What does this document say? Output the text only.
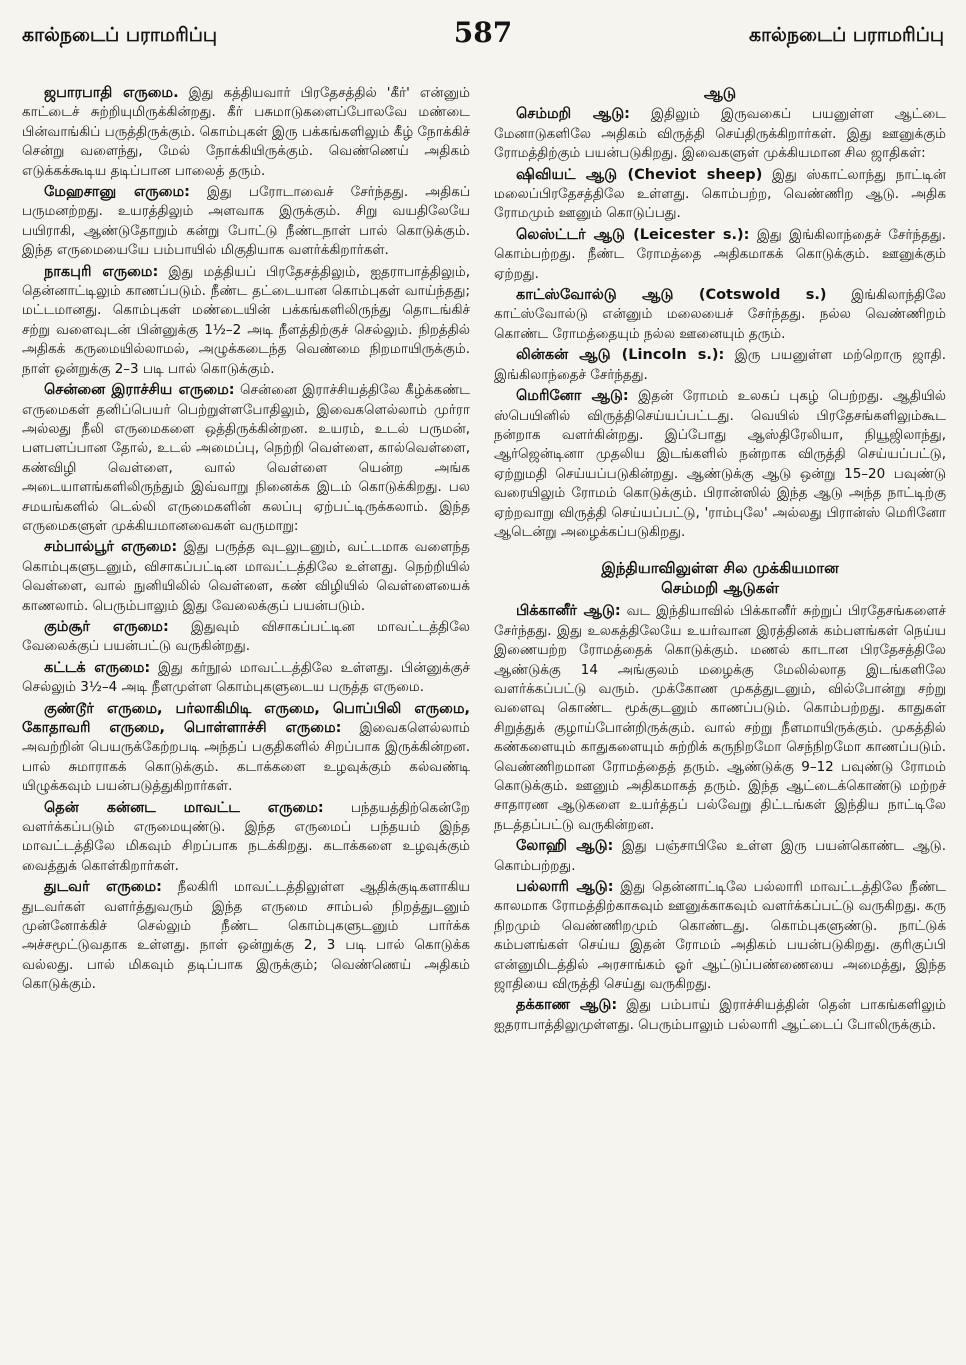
கால்நடைப் பராமரிப்பு	587	கால்நடைப் பராமரிப்பு

ஜபாரபாதி எருமை. இது கத்தியவார் பிரதேசத்தில் 'கீர்' என்னும் காட்டைச் சுற்றியுமிருக்கின்றது. கீர் பசுமாடுகளைப்போலவே மண்டை பின்வாங்கிப் பருத்திருக்கும். கொம்புகள் இரு பக்கங்களிலும் கீழ் நோக்கிச் சென்று வளைந்து, மேல் நோக்கியிருக்கும். வெண்ணெய் அதிகம் எடுக்கக்கூடிய தடிப்பான பாலைத் தரும்.

மேஹசானு எருமை: இது பரோடாவைச் சேர்ந்தது. அதிகப் பருமனற்றது. உயரத்திலும் அளவாக இருக்கும். சிறு வயதிலேயே பயிராகி, ஆண்டுதோறும் கன்று போட்டு நீண்டநாள் பால் கொடுக்கும். இந்த எருமையையே பம்பாயில் மிகுதியாக வளர்க்கிறார்கள்.

நாகபுரி எருமை: இது மத்தியப் பிரதேசத்திலும், ஐதராபாத்திலும், தென்னாட்டிலும் காணப்படும். நீண்ட தட்டையான கொம்புகள் வாய்ந்தது; மட்டமானது. கொம்புகள் மண்டையின் பக்கங்களிலிருந்து தொடங்கிச் சற்று வளைவுடன் பின்னுக்கு 1½–2 அடி நீளத்திற்குச் செல்லும். நிறத்தில் அதிகக் கருமையில்லாமல், அழுக்கடைந்த வெண்மை நிறமாயிருக்கும். நாள் ஒன்றுக்கு 2–3 படி பால் கொடுக்கும்.

சென்னை இராச்சிய எருமை: சென்னை இராச்சியத்திலே கீழ்க்கண்ட எருமைகள் தனிப்பெயர் பெற்றுள்ளபோதிலும், இவைகளெல்லாம் முர்ரா அல்லது நீலி எருமைகளை ஒத்திருக்கின்றன. உயரம், உடல் பருமன், பளபளப்பான தோல், உடல் அமைப்பு, நெற்றி வெள்ளை, கால்வெள்ளை, கண்விழி வெள்ளை, வால் வெள்ளை யென்ற அங்க அடையாளங்களிலிருந்தும் இவ்வாறு நினைக்க இடம் கொடுக்கிறது. பல சமயங்களில் டெல்லி எருமைகளின் கலப்பு ஏற்பட்டிருக்கலாம். இந்த எருமைகளுள் முக்கியமானவைகள் வருமாறு:

சம்பால்பூர் எருமை: இது பருத்த வுடலுடனும், வட்டமாக வளைந்த கொம்புகளுடனும், விசாகப்பட்டின மாவட்டத்திலே உள்ளது. நெற்றியில் வெள்ளை, வால் நுனியிலில் வெள்ளை, கண் விழியில் வெள்ளையைக் காணலாம். பெரும்பாலும் இது வேலைக்குப் பயன்படும்.

கும்சூர் எருமை: இதுவும் விசாகப்பட்டின மாவட்டத்திலே வேலைக்குப் பயன்பட்டு வருகின்றது.

கட்டக் எருமை: இது கர்நூல் மாவட்டத்திலே உள்ளது. பின்னுக்குச் செல்லும் 3½–4 அடி நீளமுள்ள கொம்புகளுடைய பருத்த எருமை.

குண்டூர் எருமை, பர்லாகிமிடி எருமை, பொப்பிலி எருமை, கோதாவரி எருமை, பொள்ளாச்சி எருமை: இவைகளெல்லாம் அவற்றின் பெயருக்கேற்றபடி அந்தப் பகுதிகளில் சிறப்பாக இருக்கின்றன. பால் சுமாராகக் கொடுக்கும். கடாக்களை உழவுக்கும் கல்வண்டி யிழுக்கவும் பயன்படுத்துகிறார்கள்.

தென் கன்னட மாவட்ட எருமை: பந்தயத்திற்கென்றே வளர்க்கப்படும் எருமையுண்டு. இந்த எருமைப் பந்தயம் இந்த மாவட்டத்திலே மிகவும் சிறப்பாக நடக்கிறது. கடாக்களை உழவுக்கும் வைத்துக் கொள்கிறார்கள்.

துடவர் எருமை: நீலகிரி மாவட்டத்திலுள்ள ஆதிக்குடிகளாகிய துடவர்கள் வளர்த்துவரும் இந்த எருமை சாம்பல் நிறத்துடனும் முன்னோக்கிச் செல்லும் நீண்ட கொம்புகளுடனும் பார்க்க அச்சமூட்டுவதாக உள்ளது. நாள் ஒன்றுக்கு 2, 3 படி பால் கொடுக்க வல்லது. பால் மிகவும் தடிப்பாக இருக்கும்; வெண்ணெய் அதிகம் கொடுக்கும்.

ஆடு

செம்மறி ஆடு: இதிலும் இருவகைப் பயனுள்ள ஆட்டை மேனாடுகளிலே அதிகம் விருத்தி செய்திருக்கிறார்கள். இது ஊனுக்கும் ரோமத்திற்கும் பயன்படுகிறது. இவைகளுள் முக்கியமான சில ஜாதிகள்:

ஷிவியட் ஆடு (Cheviot sheep) இது ஸ்காட்லாந்து நாட்டின் மலைப்பிரதேசத்திலே உள்ளது. கொம்பற்ற, வெண்ணிற ஆடு. அதிக ரோமமும் ஊனும் கொடுப்பது.

லெஸ்ட்டர் ஆடு (Leicester s.): இது இங்கிலாந்தைச் சேர்ந்தது. கொம்பற்றது. நீண்ட ரோமத்தை அதிகமாகக் கொடுக்கும். ஊனுக்கும் ஏற்றது.

காட்ஸ்வோல்டு ஆடு (Cotswold s.) இங்கிலாந்திலே காட்ஸ்வோல்டு என்னும் மலையைச் சேர்ந்தது. நல்ல வெண்ணிறம் கொண்ட ரோமத்தையும் நல்ல ஊனையும் தரும்.

லின்கன் ஆடு (Lincoln s.): இரு பயனுள்ள மற்றொரு ஜாதி. இங்கிலாந்தைச் சேர்ந்தது.

மெரினோ ஆடு: இதன் ரோமம் உலகப் புகழ் பெற்றது. ஆதியில் ஸ்பெயினில் விருத்திசெய்யப்பட்டது. வெயில் பிரதேசங்களிலும்கூட நன்றாக வளர்கின்றது. இப்போது ஆஸ்திரேலியா, நியூஜிலாந்து, ஆர்ஜென்டினா முதலிய இடங்களில் நன்றாக விருத்தி செய்யப்பட்டு, ஏற்றுமதி செய்யப்படுகின்றது. ஆண்டுக்கு ஆடு ஒன்று 15–20 பவுண்டு வரையிலும் ரோமம் கொடுக்கும். பிரான்ஸில் இந்த ஆடு அந்த நாட்டிற்கு ஏற்றவாறு விருத்தி செய்யப்பட்டு, 'ராம்புலே' அல்லது பிரான்ஸ் மெரினோ ஆடென்று அழைக்கப்படுகிறது.

இந்தியாவிலுள்ள சில முக்கியமான
செம்மறி ஆடுகள்

பிக்கானீர் ஆடு: வட இந்தியாவில் பிக்கானீர் சுற்றுப் பிரதேசங்களைச் சேர்ந்தது. இது உலகத்திலேயே உயர்வான இரத்தினக் கம்பளங்கள் நெய்ய இணையற்ற ரோமத்தைக் கொடுக்கும். மணல் காடான பிரதேசத்திலே ஆண்டுக்கு 14 அங்குலம் மழைக்கு மேலில்லாத இடங்களிலே வளர்க்கப்பட்டு வரும். முக்கோண முகத்துடனும், வில்போன்று சற்று வளைவு கொண்ட மூக்குடனும் காணப்படும். கொம்பற்றது. காதுகள் சிறுத்துக் குழாய்போன்றிருக்கும். வால் சற்று நீளமாயிருக்கும். முகத்தில் கண்களையும் காதுகளையும் சுற்றிக் கருநிறமோ செந்நிறமோ காணப்படும். வெண்ணிறமான ரோமத்தைத் தரும். ஆண்டுக்கு 9–12 பவுண்டு ரோமம் கொடுக்கும். ஊனும் அதிகமாகத் தரும். இந்த ஆட்டைக்கொண்டு மற்றச் சாதாரண ஆடுகளை உயர்த்தப் பல்வேறு திட்டங்கள் இந்திய நாட்டிலே நடத்தப்பட்டு வருகின்றன.

லோஹி ஆடு: இது பஞ்சாபிலே உள்ள இரு பயன்கொண்ட ஆடு. கொம்பற்றது.

பல்லாரி ஆடு: இது தென்னாட்டிலே பல்லாரி மாவட்டத்திலே நீண்ட காலமாக ரோமத்திற்காகவும் ஊனுக்காகவும் வளர்க்கப்பட்டு வருகிறது. கரு நிறமும் வெண்ணிறமும் கொண்டது. கொம்புகளுண்டு. நாட்டுக் கம்பளங்கள் செய்ய இதன் ரோமம் அதிகம் பயன்படுகிறது. குரிகுப்பி என்னுமிடத்தில் அரசாங்கம் ஓர் ஆட்டுப்பண்ணையை அமைத்து, இந்த ஜாதியை விருத்தி செய்து வருகிறது.

தக்காண ஆடு: இது பம்பாய் இராச்சியத்தின் தென் பாகங்களிலும் ஐதராபாத்திலுமுள்ளது. பெரும்பாலும் பல்லாரி ஆட்டைப் போலிருக்கும்.
